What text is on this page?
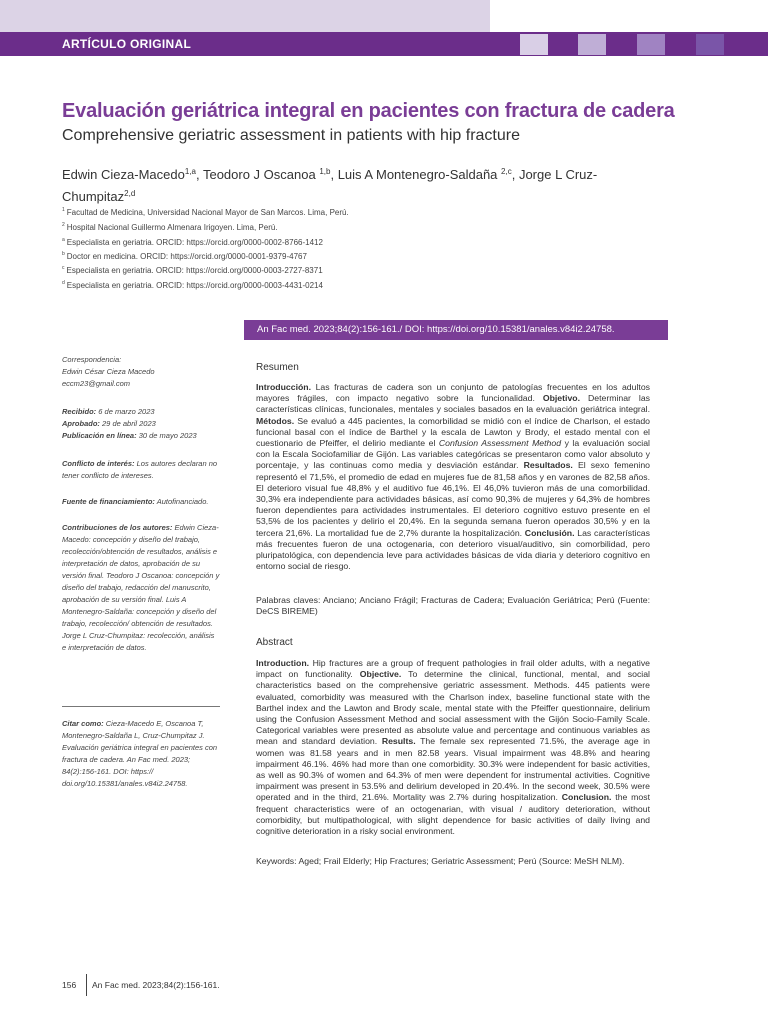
ARTÍCULO ORIGINAL
Evaluación geriátrica integral en pacientes con fractura de cadera
Comprehensive geriatric assessment in patients with hip fracture
Edwin Cieza-Macedo$^{1,a}$, Teodoro J Oscanoa $^{1,b}$, Luis A Montenegro-Saldaña $^{2,c}$, Jorge L Cruz-Chumpitaz$^{2,d}$
$^1$ Facultad de Medicina, Universidad Nacional Mayor de San Marcos. Lima, Perú.
$^2$ Hospital Nacional Guillermo Almenara Irigoyen. Lima, Perú.
$^a$ Especialista en geriatria. ORCID: https://orcid.org/0000-0002-8766-1412
$^b$ Doctor en medicina. ORCID: https://orcid.org/0000-0001-9379-4767
$^c$ Especialista en geriatria. ORCID: https://orcid.org/0000-0003-2727-8371
$^d$ Especialista en geriatria. ORCID: https://orcid.org/0000-0003-4431-0214
An Fac med. 2023;84(2):156-161./ DOI: https://doi.org/10.15381/anales.v84i2.24758.

Correspondencia:

Edwin César Cieza Macedo

eccm23@gmail.com

Recibido: 6 de marzo 2023

Aprobado: 29 de abril 2023

Publicación en línea: 30 de mayo 2023

Conflicto de interés: Los autores declaran no tener conflicto de intereses.

Fuente de financiamiento: Autofinanciado.

Contribuciones de los autores: Edwin Cieza-Macedo: concepción y diseño del trabajo, recolección/obtención de resultados, análisis e interpretación de datos, aprobación de su versión final. Teodoro J Oscanoa: concepción y diseño del trabajo, redacción del manuscrito, aprobación de su versión final. Luis A Montenegro-Saldaña: concepción y diseño del trabajo, recolección/ obtención de resultados. Jorge L Cruz-Chumpitaz: recolección, análisis e interpretación de datos.

Citar como: Cieza-Macedo E, Oscanoa T, Montenegro-Saldaña L, Cruz-Chumpitaz J. Evaluación geriátrica integral en pacientes con fractura de cadera. An Fac med. 2023; 84(2):156-161. DOI: https:// doi.org/10.15381/anales.v84i2.24758.

Resumen

Introducción. Las fracturas de cadera son un conjunto de patologías frecuentes en los adultos mayores frágiles, con impacto negativo sobre la funcionalidad. Objetivo. Determinar las características clínicas, funcionales, mentales y sociales basados en la evaluación geriátrica integral. Métodos. Se evaluó a 445 pacientes, la comorbilidad se midió con el índice de Charlson, el estado funcional basal con el índice de Barthel y la escala de Lawton y Brody, el estado mental con el cuestionario de Pfeiffer, el delirio mediante el Confusion Assessment Method y la evaluación social con la Escala Sociofamiliar de Gijón. Las variables categóricas se presentaron como valor absoluto y porcentaje, y las continuas como media y desviación estándar. Resultados. El sexo femenino representó el 71,5%, el promedio de edad en mujeres fue de 81,58 años y en varones de 82,58 años. El deterioro visual fue 48,8% y el auditivo fue 46,1%. El 46,0% tuvieron más de una comorbilidad. 30,3% era independiente para actividades básicas, así como 90,3% de mujeres y 64,3% de hombres fueron dependientes para actividades instrumentales. El deterioro cognitivo estuvo presente en el 53,5% de los pacientes y delirio el 20,4%. En la segunda semana fueron operados 30,5% y en la tercera 21,6%. La mortalidad fue de 2,7% durante la hospitalización. Conclusión. Las características más frecuentes fueron de una octogenaria, con deterioro visual/auditivo, sin comorbilidad, pero pluripatológica, con dependencia leve para actividades básicas de vida diaria y deterioro cognitivo en entorno social de riesgo.

Palabras claves: Anciano; Anciano Frágil; Fracturas de Cadera; Evaluación Geriátrica; Perú (Fuente: DeCS BIREME)

Abstract

Introduction. Hip fractures are a group of frequent pathologies in frail older adults, with a negative impact on functionality. Objective. To determine the clinical, functional, mental, and social characteristics based on the comprehensive geriatric assessment. Methods. 445 patients were evaluated, comorbidity was measured with the Charlson index, baseline functional state with the Barthel index and the Lawton and Brody scale, mental state with the Pfeiffer questionnaire, delirium using the Confusion Assessment Method and social assessment with the Gijón Socio-Family Scale. Categorical variables were presented as absolute value and percentage and continuous variables as mean and standard deviation. Results. The female sex represented 71.5%, the average age in women was 81.58 years and in men 82.58 years. Visual impairment was 48.8% and hearing impairment 46.1%. 46% had more than one comorbidity. 30.3% were independent for basic activities, as well as 90.3% of women and 64.3% of men were dependent for instrumental activities. Cognitive impairment was present in 53.5% and delirium developed in 20.4%. In the second week, 30.5% were operated and in the third, 21.6%. Mortality was 2.7% during hospitalization. Conclusion. the most frequent characteristics were of an octogenarian, with visual / auditory deterioration, without comorbidity, but multipathological, with slight dependence for basic activities of daily living and cognitive deterioration in a risky social environment.

Keywords: Aged; Frail Elderly; Hip Fractures; Geriatric Assessment; Perú (Source: MeSH NLM).

156 An Fac med. 2023;84(2):156-161.
